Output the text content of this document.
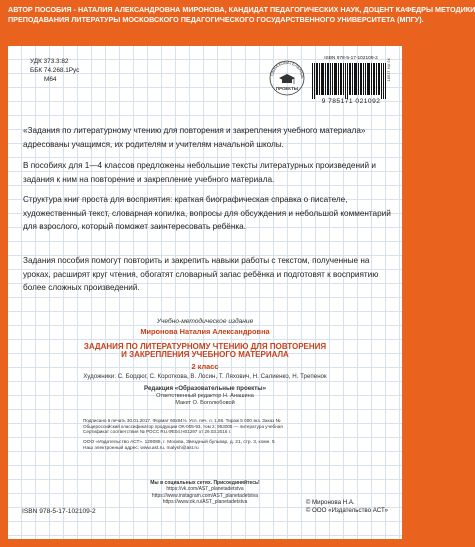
АВТОР ПОСОБИЯ - НАТАЛИЯ АЛЕКСАНДРОВНА МИРОНОВА, КАНДИДАТ ПЕДАГОГИЧЕСКИХ НАУК, ДОЦЕНТ КАФЕДРЫ МЕТОДИКИ
ПРЕПОДАВАНИЯ ЛИТЕРАТУРЫ МОСКОВСКОГО ПЕДАГОГИЧЕСКОГО ГОСУДАРСТВЕННОГО УНИВЕРСИТЕТА (МПГУ).
УДК 373.3:82
ББК 74.268.1Рус
М64
ОБРАЗОВАТЕЛЬНЫЕ
ПРОЕКТЫ
ISBN 978-5-17-102109-2
9 785171 021092
18937 НА 5К
«Задания по литературному чтению для повторения и закрепления учебного материала» адресованы учащимся, их родителям и учителям начальной школы.
В пособиях для 1—4 классов предложены небольшие тексты литературных произведений и задания к ним на повторение и закрепление учебного материала.
Структура книг проста для восприятия: краткая биографическая справка о писателе, художественный текст, словарная копилка, вопросы для обсуждения и небольшой комментарий для взрослого, который поможет заинтересовать ребёнка.
Задания пособия помогут повторить и закрепить навыки работы с текстом, полученные на уроках, расширят круг чтения, обогатят словарный запас ребёнка и подготовят к восприятию более сложных произведений.
Учебно-методическое издание
Миронова Наталия Александровна
ЗАДАНИЯ ПО ЛИТЕРАТУРНОМУ ЧТЕНИЮ ДЛЯ ПОВТОРЕНИЯ
И ЗАКРЕПЛЕНИЯ УЧЕБНОГО МАТЕРИАЛА
2 класс
Художники: С. Бордюг, С. Короткова, В. Лосин, Т. Ляхович, Н. Салиенко, Н. Трепенок
Редакция «Образовательные проекты»
Ответственный редактор Н. Анашина
Макет О. Боголюбовой
Подписано в печать 30.01.2017. Формат 60х84⅛. Усл. печ. л. 1,86. Тираж 5 000 экз. Заказ №
Общероссийский классификатор продукции ОК-005-93, том 2; 953005 — литература учебная
Сертификат соответствия № РОСС RU.ФЕ04.Н01297 от 29.03.2016 г.
ООО «Издательство АСТ». 129085, г. Москва, Звездный бульвар, д. 21, стр. 3, комн. 5
Наш электронный адрес: www.ast.ru, malysh@ast.ru
Мы в социальных сетях. Присоединяйтесь!
https://vk.com/AST_planetadetstva
https://www.instagram.com/AST_planetadetstva
https://www.ok.ru/AST_planetadetstva
ISBN 978-5-17-102109-2
© Миронова Н.А.
© ООО «Издательство АСТ»
